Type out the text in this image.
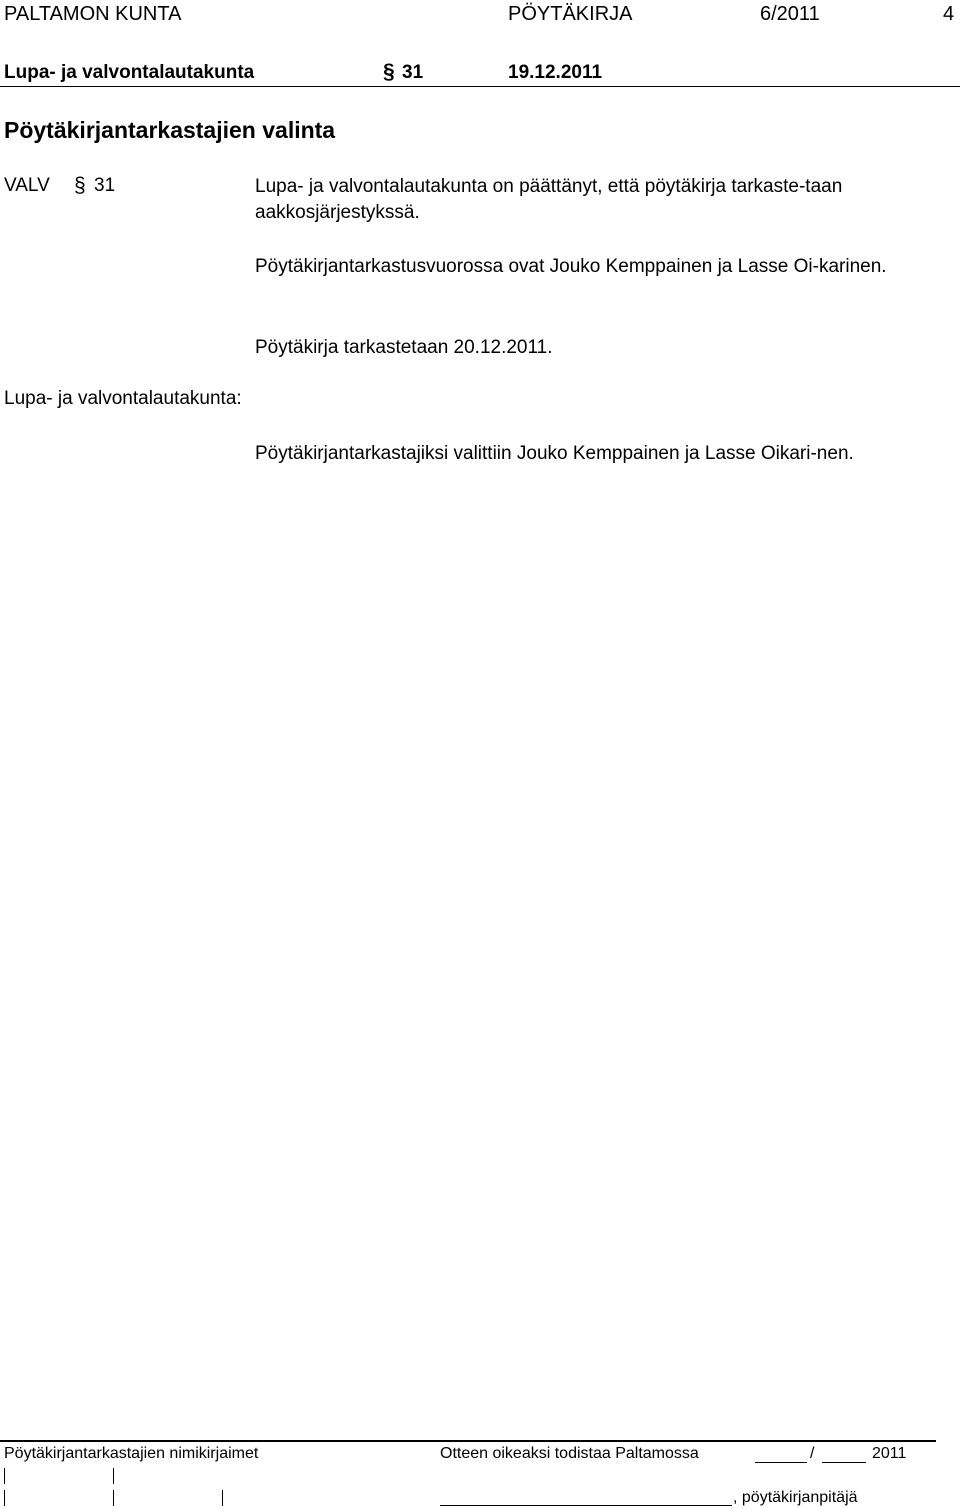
PALTAMON KUNTA	PÖYTÄKIRJA	6/2011	4
Lupa- ja valvontalautakunta	§ 31	19.12.2011
Pöytäkirjantarkastajien valinta
VALV § 31	Lupa- ja valvontalautakunta on päättänyt, että pöytäkirja tarkaste-taan aakkosjärjestykssä.
Pöytäkirjantarkastusvuorossa ovat Jouko Kemppainen ja Lasse Oi-karinen.
Pöytäkirja tarkastetaan 20.12.2011.
Lupa- ja valvontalautakunta:
Pöytäkirjantarkastajiksi valittiin Jouko Kemppainen ja Lasse Oikari-nen.
Pöytäkirjantarkastajien nimikirjaimet	Otteen oikeaksi todistaa Paltamossa	/	2011
, pöytäkirjanpitäjä
